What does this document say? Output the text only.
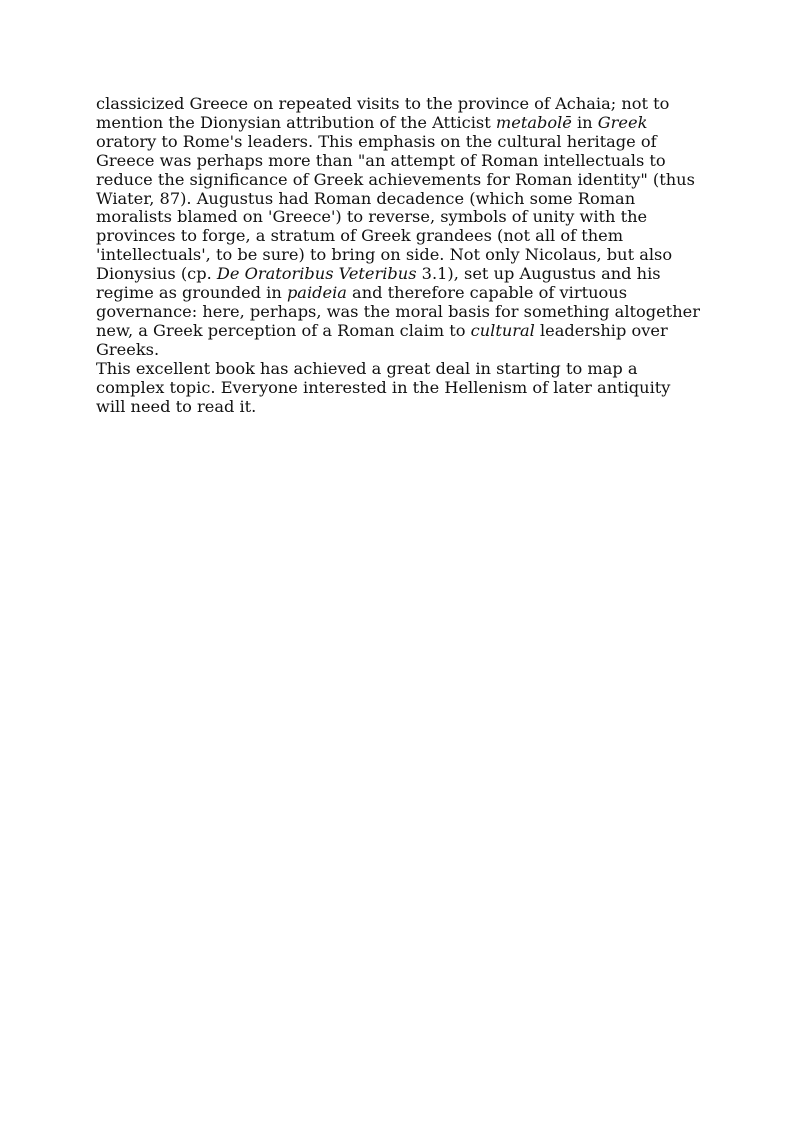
classicized Greece on repeated visits to the province of Achaia; not to
mention the Dionysian attribution of the Atticist metabolē in Greek
oratory to Rome's leaders. This emphasis on the cultural heritage of
Greece was perhaps more than "an attempt of Roman intellectuals to
reduce the significance of Greek achievements for Roman identity" (thus
Wiater, 87). Augustus had Roman decadence (which some Roman
moralists blamed on 'Greece') to reverse, symbols of unity with the
provinces to forge, a stratum of Greek grandees (not all of them
'intellectuals', to be sure) to bring on side. Not only Nicolaus, but also
Dionysius (cp. De Oratoribus Veteribus 3.1), set up Augustus and his
regime as grounded in paideia and therefore capable of virtuous
governance: here, perhaps, was the moral basis for something altogether
new, a Greek perception of a Roman claim to cultural leadership over
Greeks.
This excellent book has achieved a great deal in starting to map a
complex topic. Everyone interested in the Hellenism of later antiquity
will need to read it.
